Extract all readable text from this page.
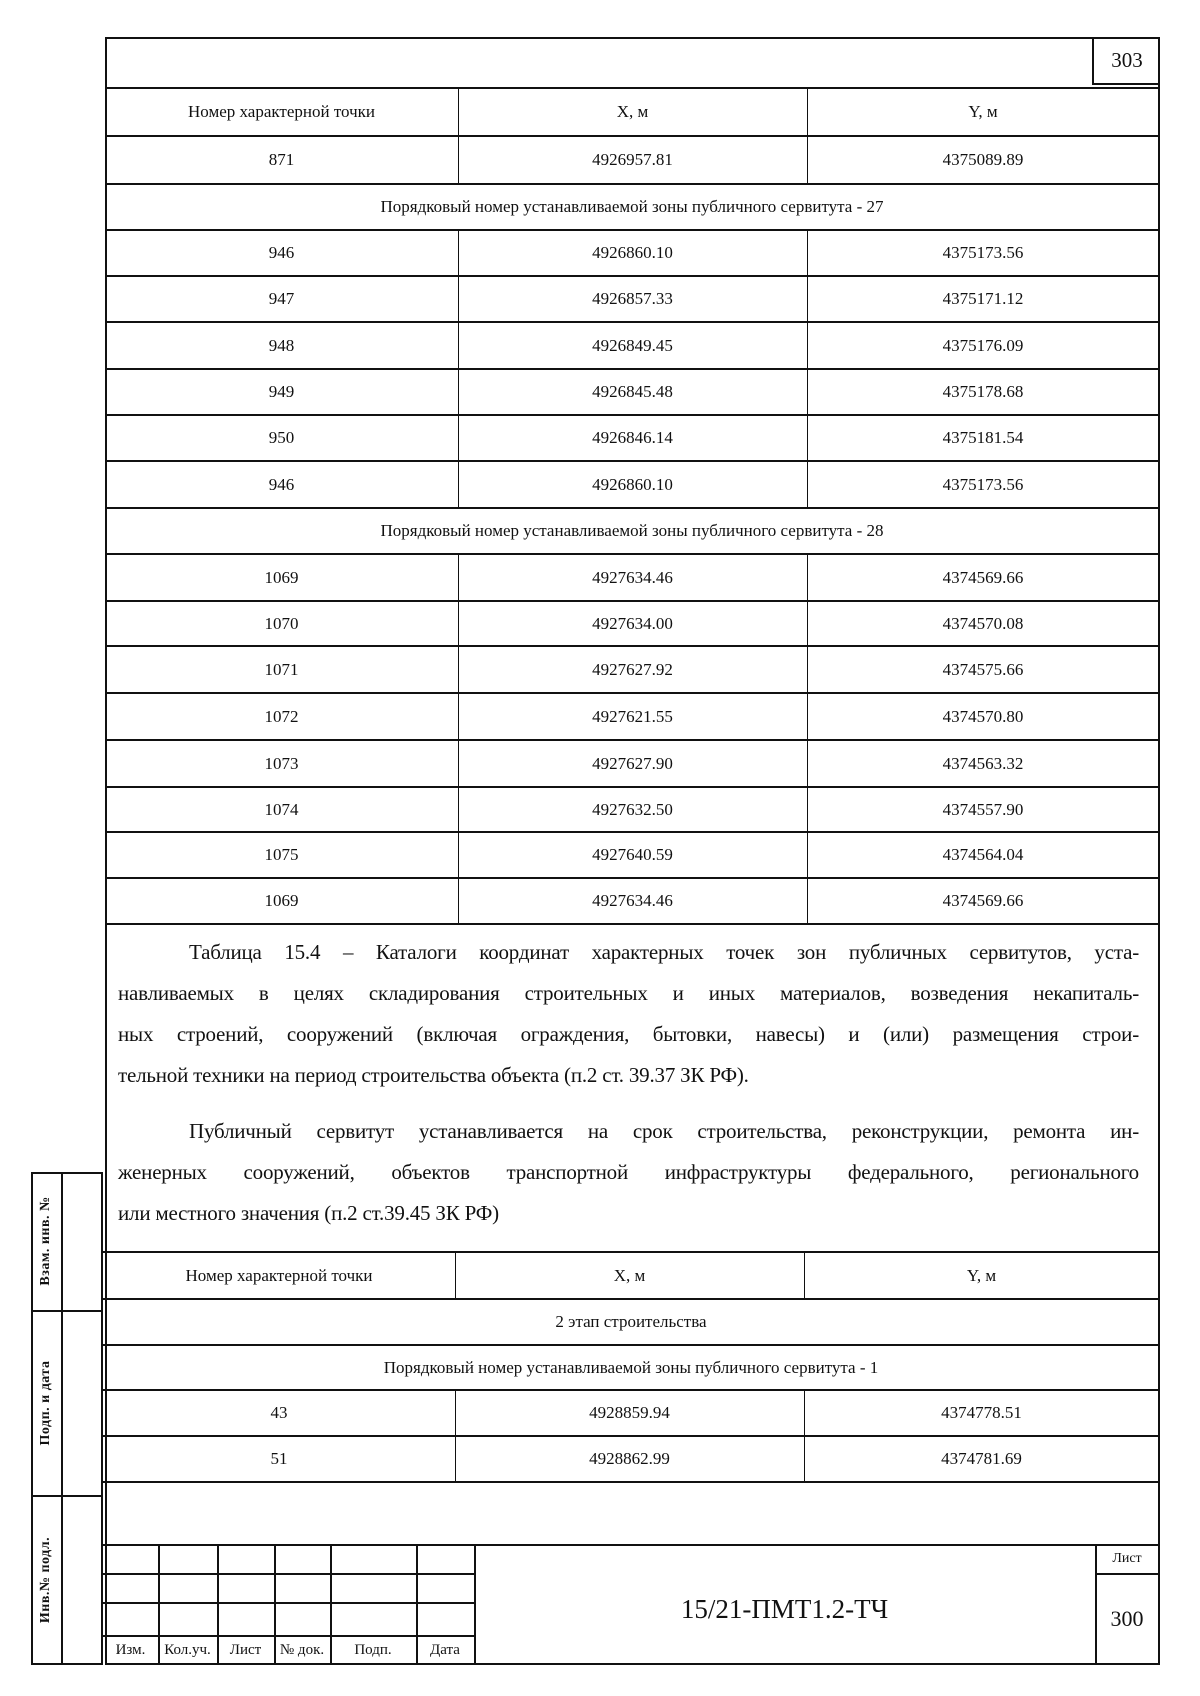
303
Номер характерной точки	X, м	Y, м
871	4926957.81	4375089.89
Порядковый номер устанавливаемой зоны публичного сервитута - 27
946	4926860.10	4375173.56
947	4926857.33	4375171.12
948	4926849.45	4375176.09
949	4926845.48	4375178.68
950	4926846.14	4375181.54
946	4926860.10	4375173.56
Порядковый номер устанавливаемой зоны публичного сервитута - 28
1069	4927634.46	4374569.66
1070	4927634.00	4374570.08
1071	4927627.92	4374575.66
1072	4927621.55	4374570.80
1073	4927627.90	4374563.32
1074	4927632.50	4374557.90
1075	4927640.59	4374564.04
1069	4927634.46	4374569.66
Таблица 15.4 – Каталоги координат характерных точек зон публичных сервитутов, уста-
навливаемых в целях складирования строительных и иных материалов, возведения некапиталь-
ных строений, сооружений (включая ограждения, бытовки, навесы) и (или) размещения строи-
тельной техники на период строительства объекта (п.2 ст. 39.37 ЗК РФ).
Публичный сервитут устанавливается на срок строительства, реконструкции, ремонта ин-
женерных сооружений, объектов транспортной инфраструктуры федерального, регионального
или местного значения (п.2 ст.39.45 ЗК РФ)
Номер характерной точки	X, м	Y, м
2 этап строительства
Порядковый номер устанавливаемой зоны публичного сервитута - 1
43	4928859.94	4374778.51
51	4928862.99	4374781.69
Взам. инв. №
Подп. и дата
Инв.№ подл.
Изм.	Кол.уч.	Лист	№ док.	Подп.	Дата
15/21-ПМТ1.2-ТЧ
Лист
300
